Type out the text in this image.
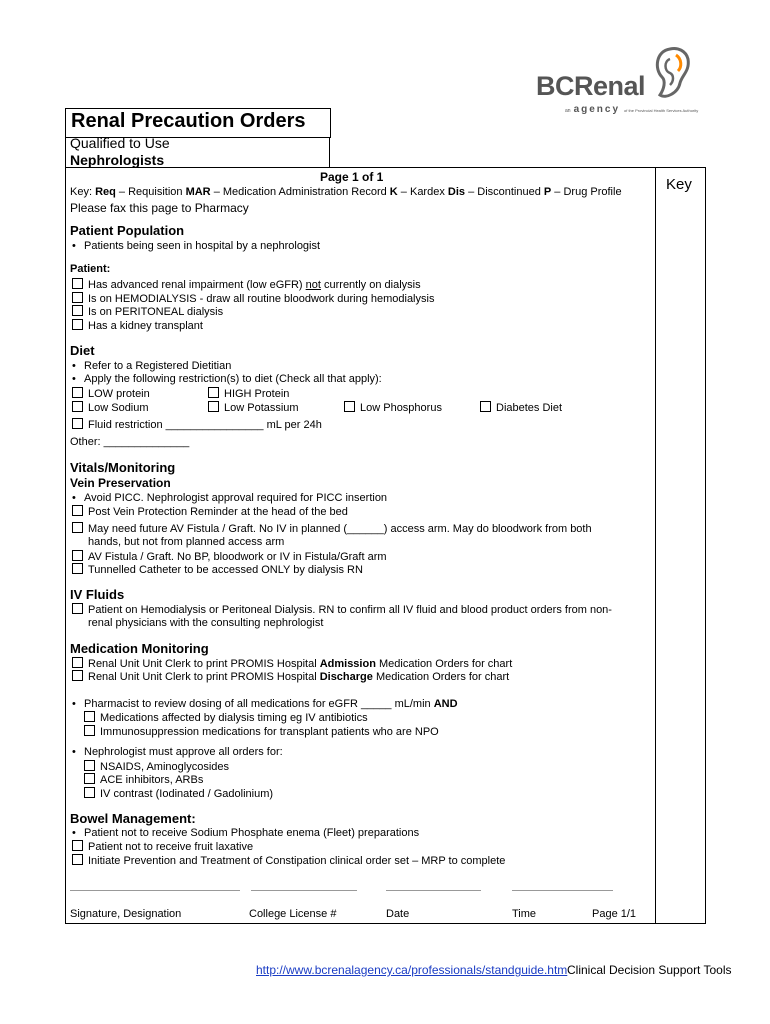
BCRenal
an agency of the Provincial Health Services Authority
Renal Precaution Orders
Qualified to Use
Nephrologists
Page 1 of 1	Key
Key: Req – Requisition MAR – Medication Administration Record K – Kardex Dis – Discontinued P – Drug Profile
Please fax this page to Pharmacy
Patient Population
• Patients being seen in hospital by a nephrologist
Patient:
Has advanced renal impairment (low eGFR) not currently on dialysis
Is on HEMODIALYSIS - draw all routine bloodwork during hemodialysis
Is on PERITONEAL dialysis
Has a kidney transplant
Diet
• Refer to a Registered Dietitian
• Apply the following restriction(s) to diet (Check all that apply):
LOW protein	HIGH Protein
Low Sodium	Low Potassium	Low Phosphorus	Diabetes Diet
Fluid restriction ________________ mL per 24h
Other: ______________
Vitals/Monitoring
Vein Preservation
• Avoid PICC. Nephrologist approval required for PICC insertion
Post Vein Protection Reminder at the head of the bed
May need future AV Fistula / Graft. No IV in planned (______) access arm. May do bloodwork from both
hands, but not from planned access arm
AV Fistula / Graft. No BP, bloodwork or IV in Fistula/Graft arm
Tunnelled Catheter to be accessed ONLY by dialysis RN
IV Fluids
Patient on Hemodialysis or Peritoneal Dialysis. RN to confirm all IV fluid and blood product orders from non-
renal physicians with the consulting nephrologist
Medication Monitoring
Renal Unit Unit Clerk to print PROMIS Hospital Admission Medication Orders for chart
Renal Unit Unit Clerk to print PROMIS Hospital Discharge Medication Orders for chart
• Pharmacist to review dosing of all medications for eGFR _____ mL/min AND
Medications affected by dialysis timing eg IV antibiotics
Immunosuppression medications for transplant patients who are NPO
• Nephrologist must approve all orders for:
NSAIDS, Aminoglycosides
ACE inhibitors, ARBs
IV contrast (Iodinated / Gadolinium)
Bowel Management:
• Patient not to receive Sodium Phosphate enema (Fleet) preparations
Patient not to receive fruit laxative
Initiate Prevention and Treatment of Constipation clinical order set – MRP to complete
Signature, Designation	College License #	Date	Time	Page 1/1
http://www.bcrenalagency.ca/professionals/standguide.htm Clinical Decision Support Tools
